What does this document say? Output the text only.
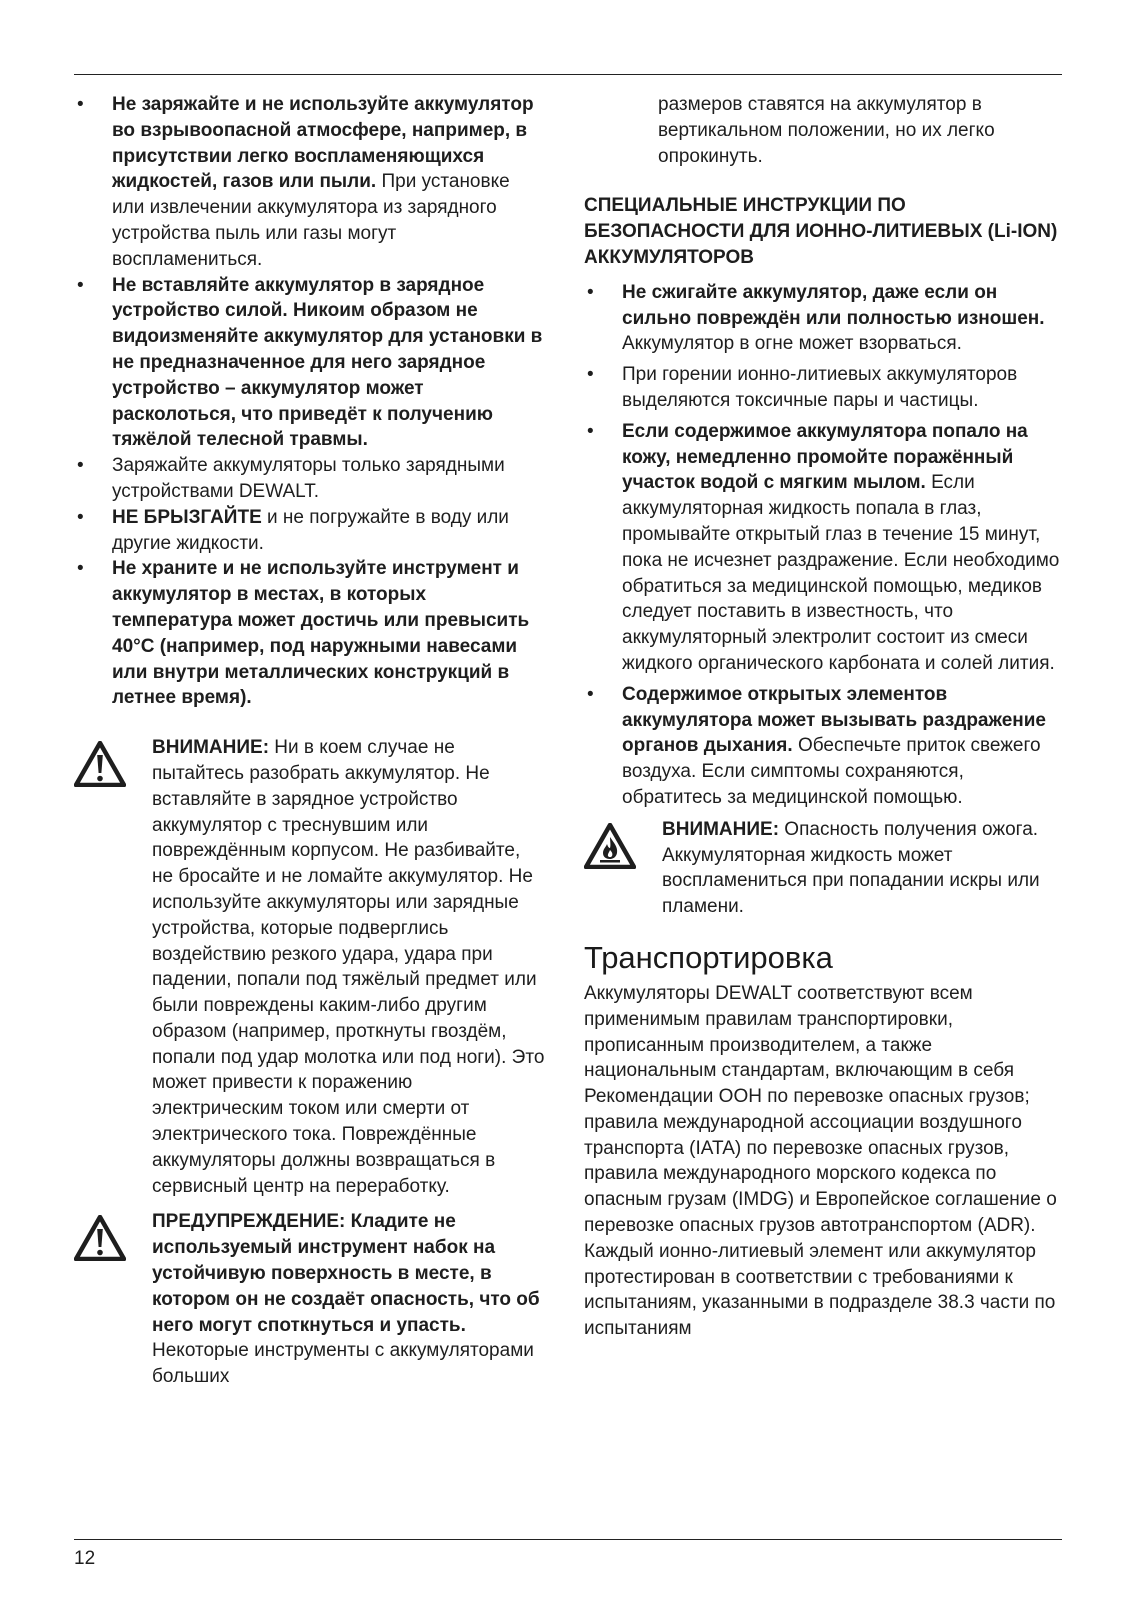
• Не заряжайте и не используйте аккумулятор во взрывоопасной атмосфере, например, в присутствии легко воспламеняющихся жидкостей, газов или пыли. При установке или извлечении аккумулятора из зарядного устройства пыль или газы могут воспламениться.
• Не вставляйте аккумулятор в зарядное устройство силой. Никоим образом не видоизменяйте аккумулятор для установки в не предназначенное для него зарядное устройство – аккумулятор может расколоться, что приведёт к получению тяжёлой телесной травмы.
• Заряжайте аккумуляторы только зарядными устройствами DEWALT.
• НЕ БРЫЗГАЙТЕ и не погружайте в воду или другие жидкости.
• Не храните и не используйте инструмент и аккумулятор в местах, в которых температура может достичь или превысить 40°C (например, под наружными навесами или внутри металлических конструкций в летнее время).

ВНИМАНИЕ: Ни в коем случае не пытайтесь разобрать аккумулятор. Не вставляйте в зарядное устройство аккумулятор с треснувшим или повреждённым корпусом. Не разбивайте, не бросайте и не ломайте аккумулятор. Не используйте аккумуляторы или зарядные устройства, которые подверглись воздействию резкого удара, удара при падении, попали под тяжёлый предмет или были повреждены каким-либо другим образом (например, проткнуты гвоздём, попали под удар молотка или под ноги). Это может привести к поражению электрическим током или смерти от электрического тока. Повреждённые аккумуляторы должны возвращаться в сервисный центр на переработку.

ПРЕДУПРЕЖДЕНИЕ: Кладите не используемый инструмент набок на устойчивую поверхность в месте, в котором он не создаёт опасность, что об него могут споткнуться и упасть. Некоторые инструменты с аккумуляторами больших

размеров ставятся на аккумулятор в вертикальном положении, но их легко опрокинуть.

СПЕЦИАЛЬНЫЕ ИНСТРУКЦИИ ПО БЕЗОПАСНОСТИ ДЛЯ ИОННО-ЛИТИЕВЫХ (Li-ION) АККУМУЛЯТОРОВ

• Не сжигайте аккумулятор, даже если он сильно повреждён или полностью изношен. Аккумулятор в огне может взорваться.
• При горении ионно-литиевых аккумуляторов выделяются токсичные пары и частицы.
• Если содержимое аккумулятора попало на кожу, немедленно промойте поражённый участок водой с мягким мылом. Если аккумуляторная жидкость попала в глаз, промывайте открытый глаз в течение 15 минут, пока не исчезнет раздражение. Если необходимо обратиться за медицинской помощью, медиков следует поставить в известность, что аккумуляторный электролит состоит из смеси жидкого органического карбоната и солей лития.
• Содержимое открытых элементов аккумулятора может вызывать раздражение органов дыхания. Обеспечьте приток свежего воздуха. Если симптомы сохраняются, обратитесь за медицинской помощью.

ВНИМАНИЕ: Опасность получения ожога. Аккумуляторная жидкость может воспламениться при попадании искры или пламени.

Транспортировка

Аккумуляторы DEWALT соответствуют всем применимым правилам транспортировки, прописанным производителем, а также национальным стандартам, включающим в себя Рекомендации ООН по перевозке опасных грузов; правила международной ассоциации воздушного транспорта (IATA) по перевозке опасных грузов, правила международного морского кодекса по опасным грузам (IMDG) и Европейское соглашение о перевозке опасных грузов автотранспортом (ADR). Каждый ионно-литиевый элемент или аккумулятор протестирован в соответствии с требованиями к испытаниям, указанными в подразделе 38.3 части по испытаниям

12
